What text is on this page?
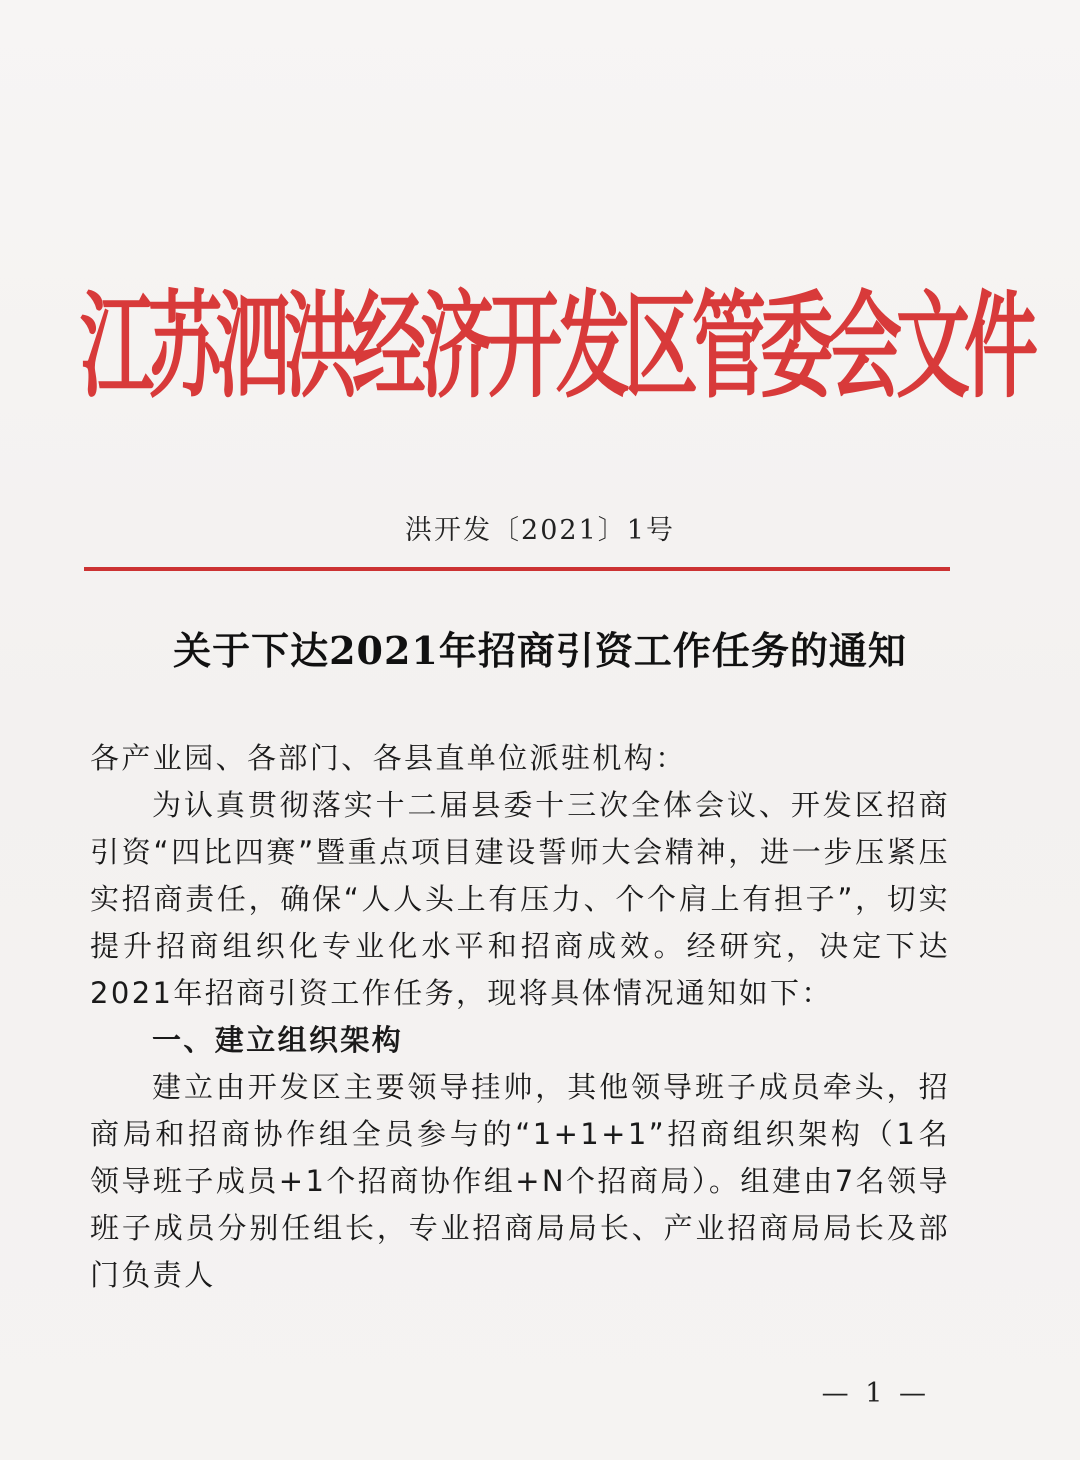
江苏泗洪经济开发区管委会文件
洪开发〔2021〕1号
关于下达2021年招商引资工作任务的通知

各产业园、各部门、各县直单位派驻机构：

为认真贯彻落实十二届县委十三次全体会议、开发区招商引资“四比四赛”暨重点项目建设誓师大会精神，进一步压紧压实招商责任，确保“人人头上有压力、个个肩上有担子”，切实提升招商组织化专业化水平和招商成效。经研究，决定下达2021年招商引资工作任务，现将具体情况通知如下：

一、建立组织架构

建立由开发区主要领导挂帅，其他领导班子成员牵头，招商局和招商协作组全员参与的“1+1+1”招商组织架构（1名领导班子成员+1个招商协作组+N个招商局）。组建由7名领导班子成员分别任组长，专业招商局局长、产业招商局局长及部门负责人

— 1 —
